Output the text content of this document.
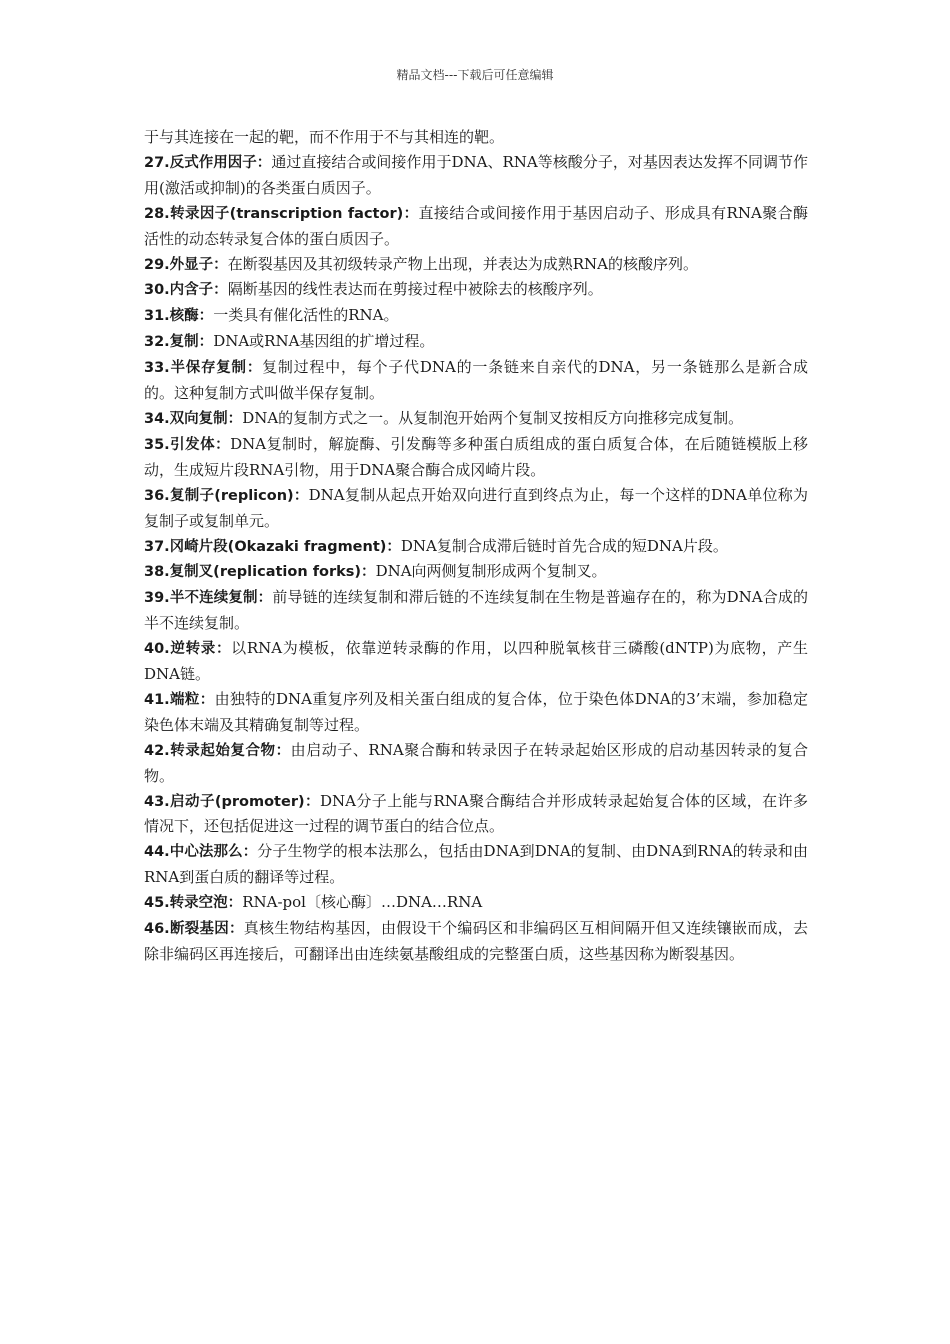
精品文档---下载后可任意编辑

于与其连接在一起的靶，而不作用于不与其相连的靶。

27.反式作用因子：通过直接结合或间接作用于DNA、RNA等核酸分子，对基因表达发挥不同调节作用(激活或抑制)的各类蛋白质因子。

28.转录因子(transcription factor)：直接结合或间接作用于基因启动子、形成具有RNA聚合酶活性的动态转录复合体的蛋白质因子。

29.外显子：在断裂基因及其初级转录产物上出现，并表达为成熟RNA的核酸序列。

30.内含子：隔断基因的线性表达而在剪接过程中被除去的核酸序列。

31.核酶：一类具有催化活性的RNA。

32.复制：DNA或RNA基因组的扩增过程。

33.半保存复制：复制过程中，每个子代DNA的一条链来自亲代的DNA，另一条链那么是新合成的。这种复制方式叫做半保存复制。

34.双向复制：DNA的复制方式之一。从复制泡开始两个复制叉按相反方向推移完成复制。

35.引发体：DNA复制时，解旋酶、引发酶等多种蛋白质组成的蛋白质复合体，在后随链模版上移动，生成短片段RNA引物，用于DNA聚合酶合成冈崎片段。

36.复制子(replicon)：DNA复制从起点开始双向进行直到终点为止，每一个这样的DNA单位称为复制子或复制单元。

37.冈崎片段(Okazaki fragment)：DNA复制合成滞后链时首先合成的短DNA片段。

38.复制叉(replication forks)：DNA向两侧复制形成两个复制叉。

39.半不连续复制：前导链的连续复制和滞后链的不连续复制在生物是普遍存在的，称为DNA合成的半不连续复制。

40.逆转录：以RNA为模板，依靠逆转录酶的作用，以四种脱氧核苷三磷酸(dNTP)为底物，产生DNA链。

41.端粒：由独特的DNA重复序列及相关蛋白组成的复合体，位于染色体DNA的3’末端，参加稳定染色体末端及其精确复制等过程。

42.转录起始复合物：由启动子、RNA聚合酶和转录因子在转录起始区形成的启动基因转录的复合物。

43.启动子(promoter)：DNA分子上能与RNA聚合酶结合并形成转录起始复合体的区域，在许多情况下，还包括促进这一过程的调节蛋白的结合位点。

44.中心法那么：分子生物学的根本法那么，包括由DNA到DNA的复制、由DNA到RNA的转录和由RNA到蛋白质的翻译等过程。

45.转录空泡：RNA-pol〔核心酶〕…DNA…RNA

46.断裂基因：真核生物结构基因，由假设干个编码区和非编码区互相间隔开但又连续镶嵌而成，去除非编码区再连接后，可翻译出由连续氨基酸组成的完整蛋白质，这些基因称为断裂基因。
